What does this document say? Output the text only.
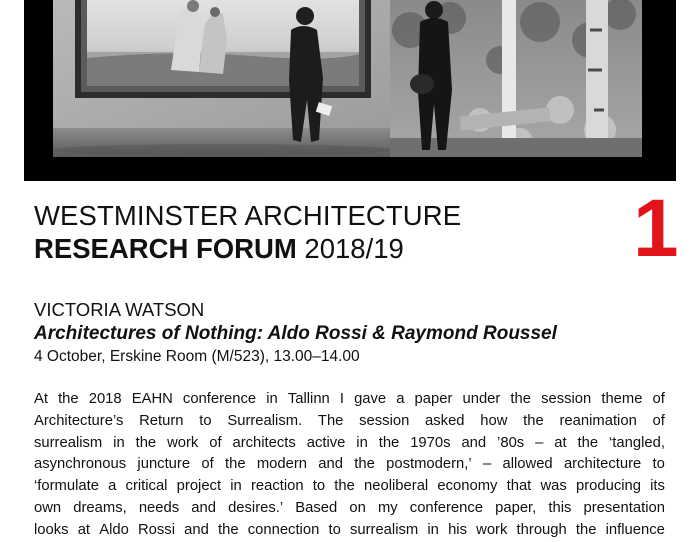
WESTMINSTER ARCHITECTURE
RESEARCH FORUM 2018/19	1
VICTORIA WATSON
Architectures of Nothing: Aldo Rossi & Raymond Roussel
4 October, Erskine Room (M/523), 13.00–14.00
At the 2018 EAHN conference in Tallinn I gave a paper under the session theme of
Architecture’s Return to Surrealism. The session asked how the reanimation of
surrealism in the work of architects active in the 1970s and ’80s – at the ‘tangled,
asynchronous juncture of the modern and the postmodern,’ – allowed architecture to
‘formulate a critical project in reaction to the neoliberal economy that was producing its
own dreams, needs and desires.’ Based on my conference paper, this presentation
looks at Aldo Rossi and the connection to surrealism in his work through the influence
